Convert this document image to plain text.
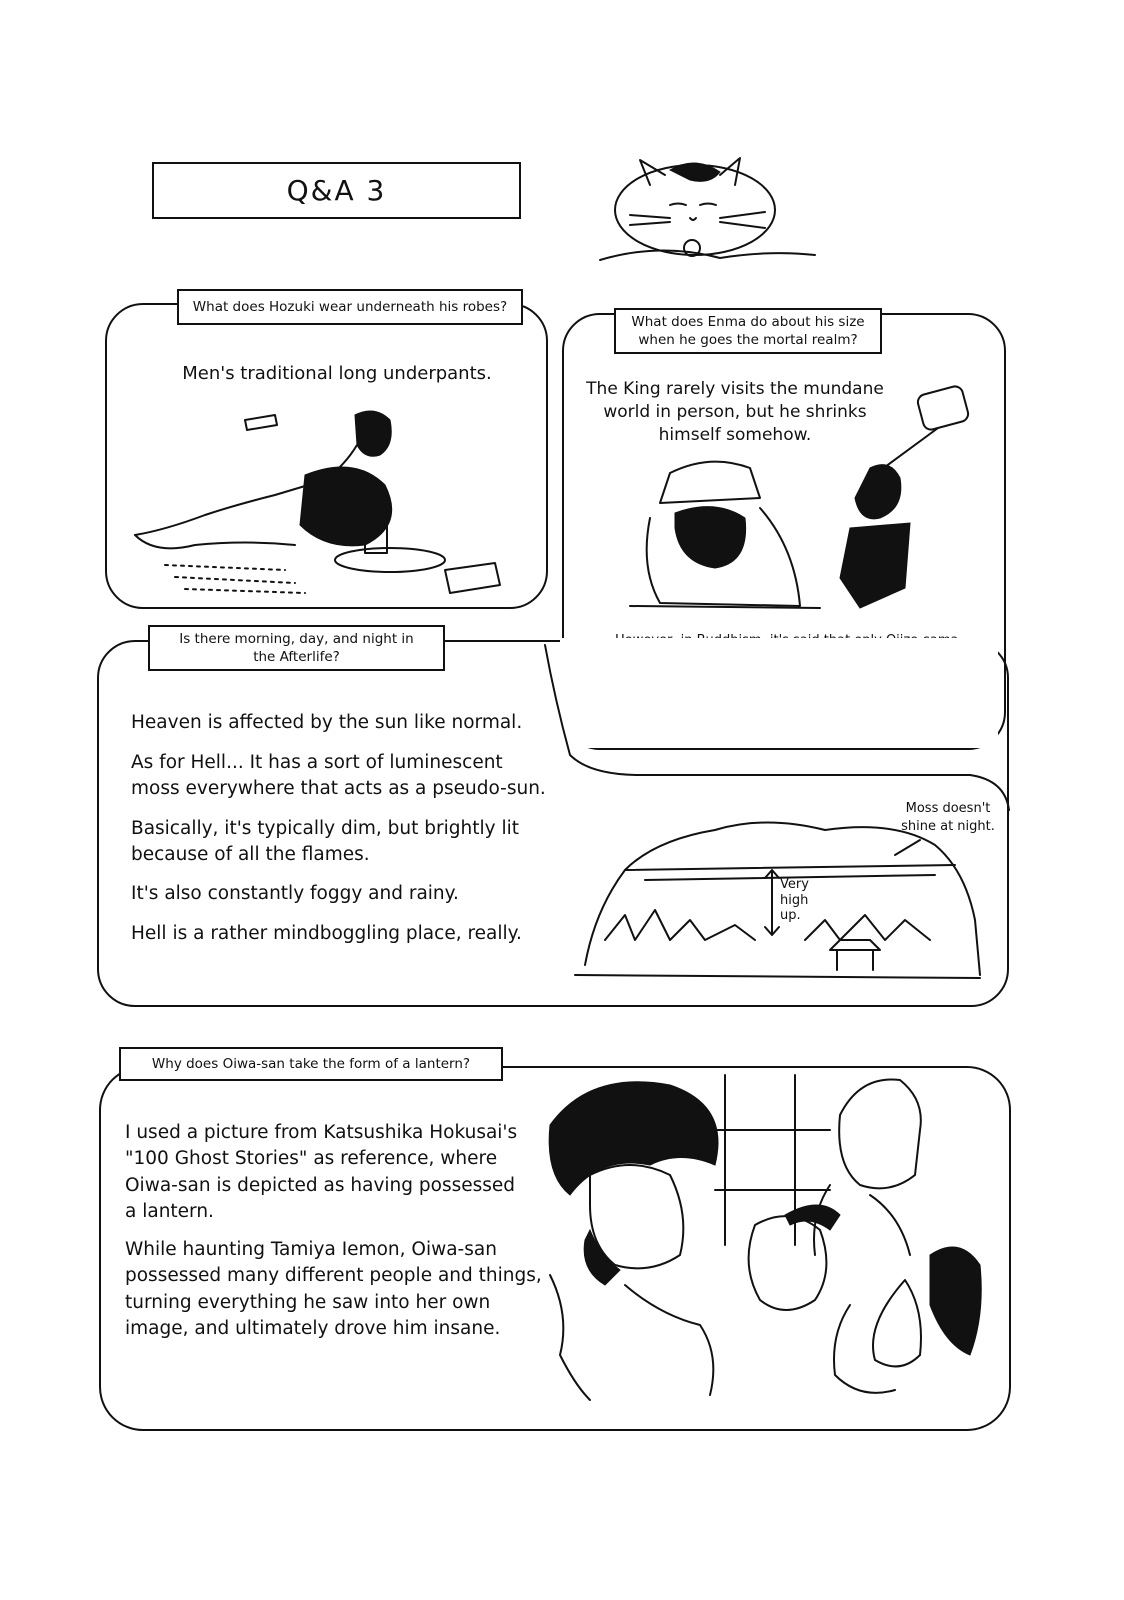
Q&A 3
What does Hozuki wear underneath his robes?
Men's traditional long underpants.
What does Enma do about his size
when he goes the mortal realm?
The King rarely visits the mundane
world in person, but he shrinks
himself somehow.
Is there morning, day, and night in
the Afterlife?
Heaven is affected by the sun like normal.
As for Hell... It has a sort of luminescent
moss everywhere that acts as a pseudo-sun.
Basically, it's typically dim, but brightly lit
because of all the flames.
It's also constantly foggy and rainy.
Hell is a rather mindboggling place, really.
Moss doesn't
shine at night.
Very
high
up.
Why does Oiwa-san take the form of a lantern?
I used a picture from Katsushika Hokusai's
"100 Ghost Stories" as reference, where
Oiwa-san is depicted as having possessed
a lantern.
While haunting Tamiya Iemon, Oiwa-san
possessed many different people and things,
turning everything he saw into her own
image, and ultimately drove him insane.
